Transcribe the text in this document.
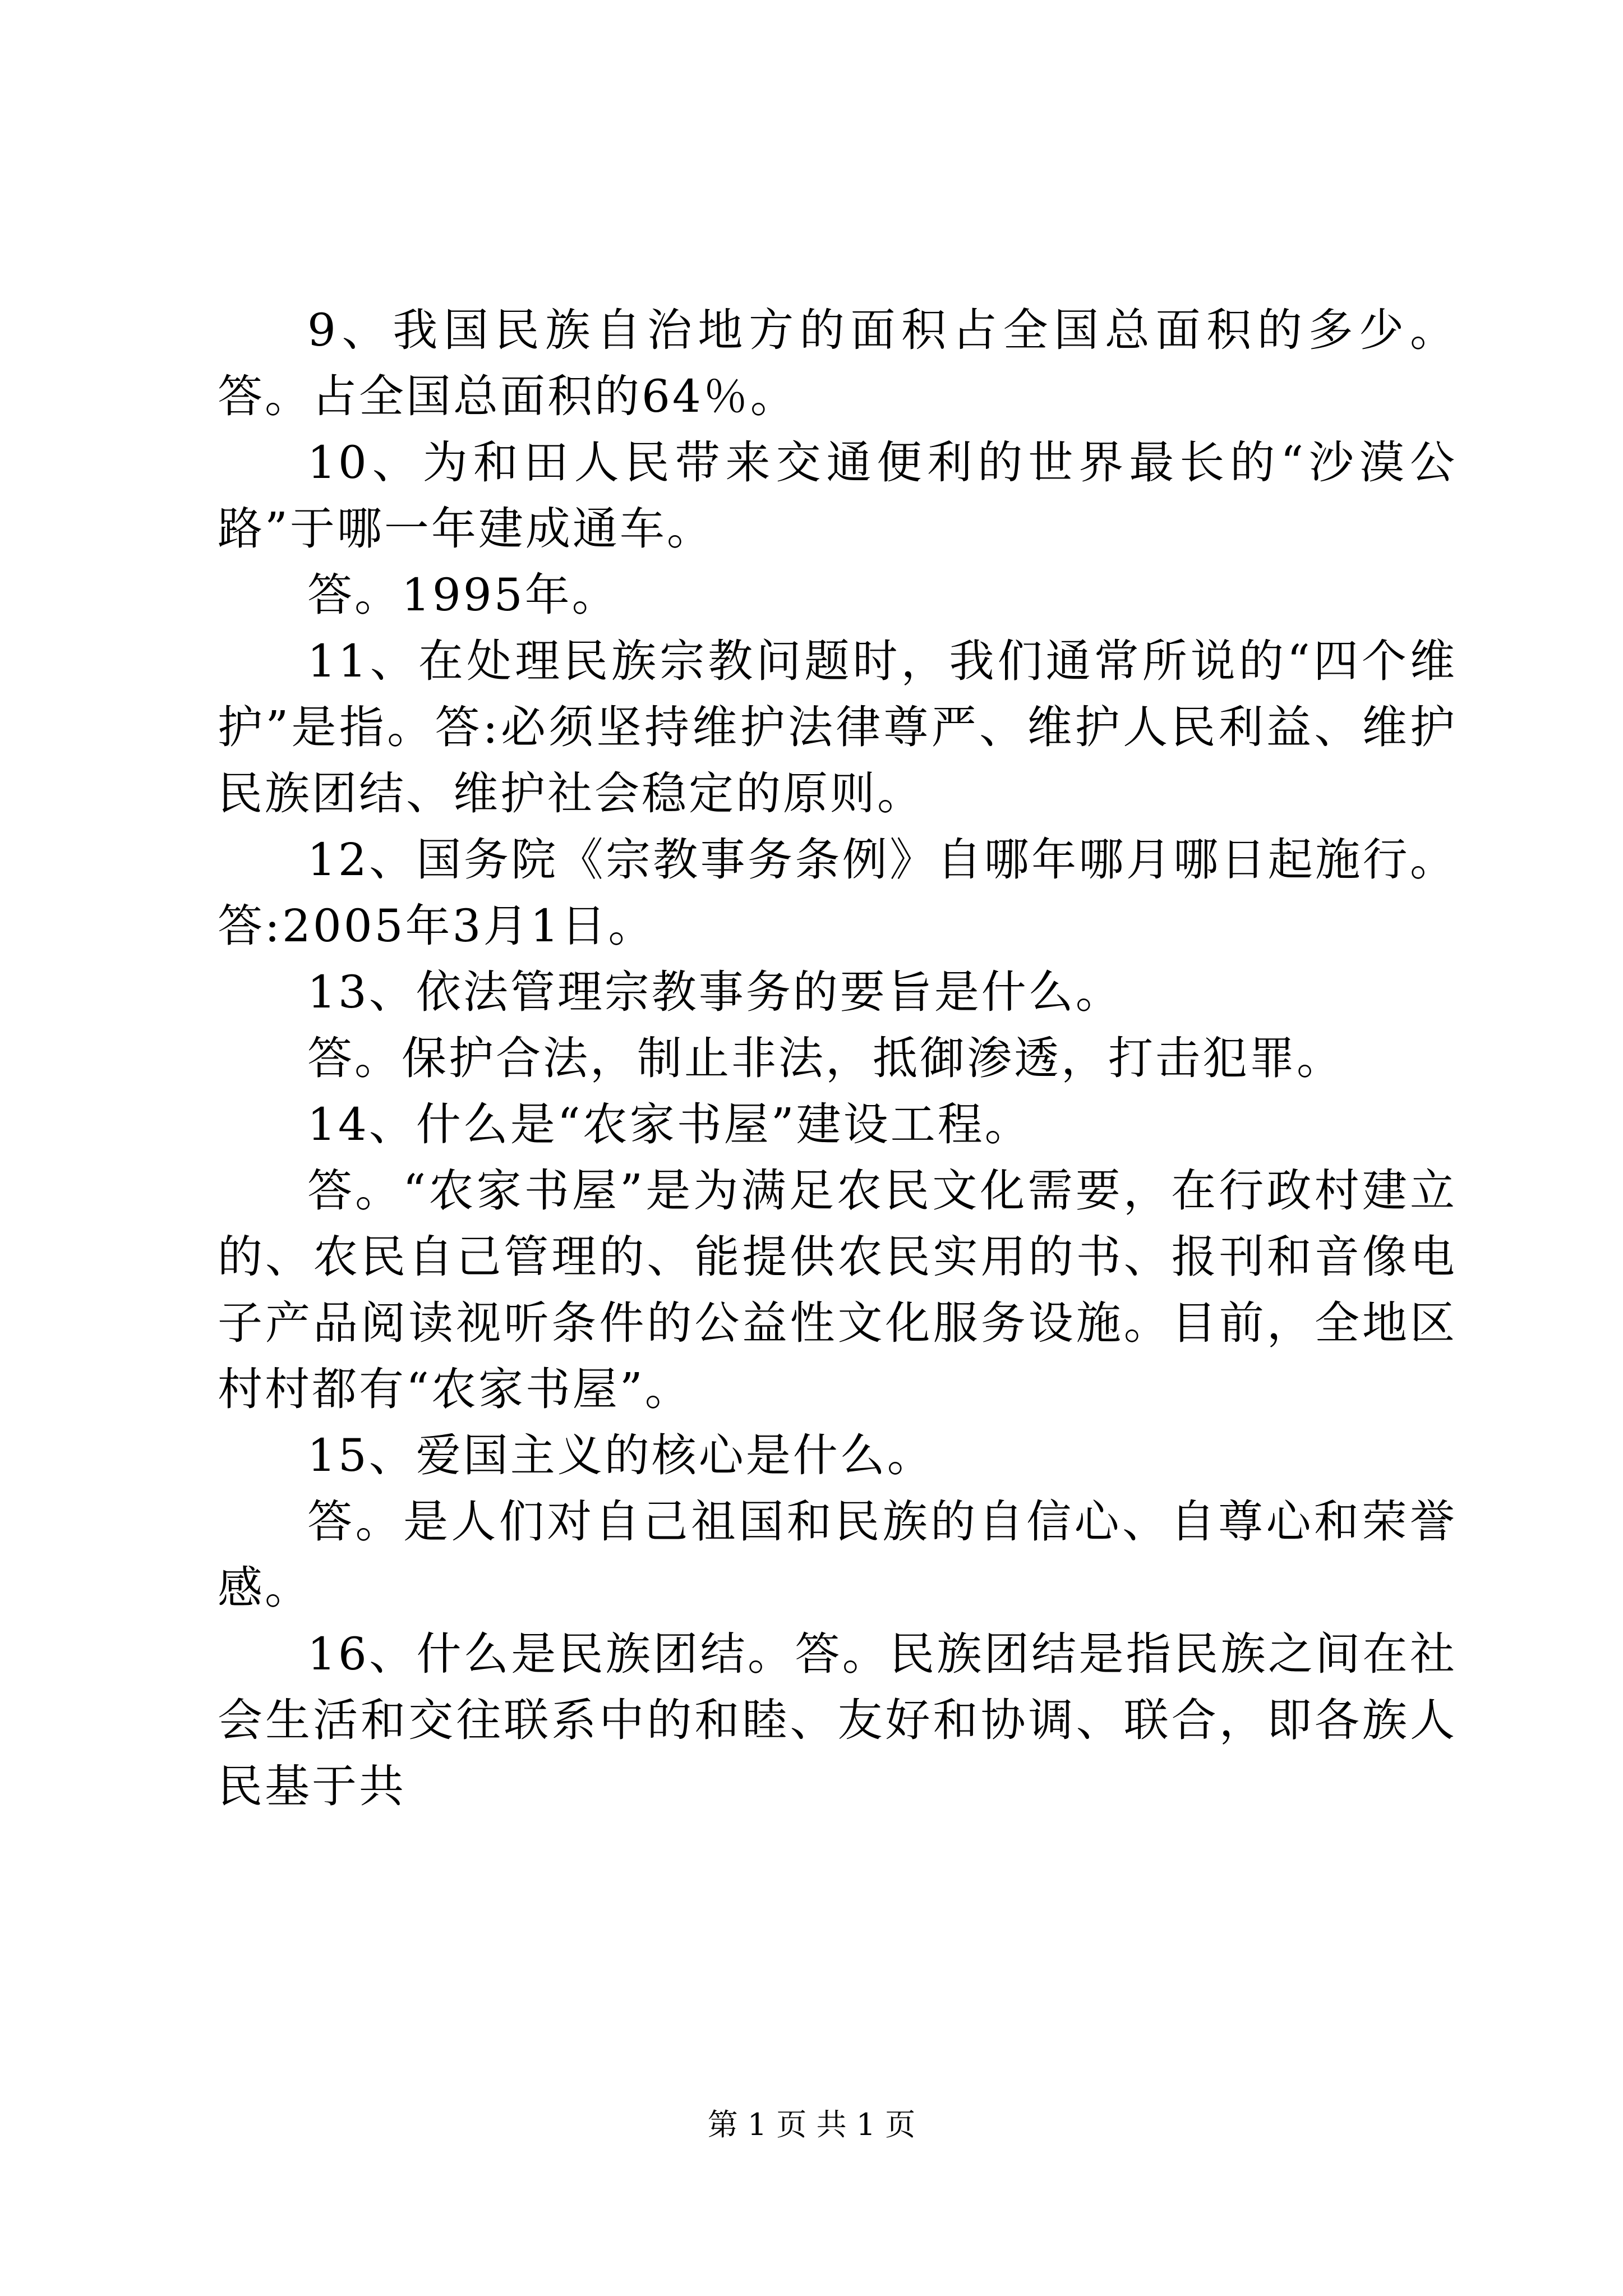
9、我国民族自治地方的面积占全国总面积的多少。答。占全国总面积的64％。

10、为和田人民带来交通便利的世界最长的“沙漠公路”于哪一年建成通车。

答。1995年。

11、在处理民族宗教问题时，我们通常所说的“四个维护”是指。答:必须坚持维护法律尊严、维护人民利益、维护民族团结、维护社会稳定的原则。

12、国务院《宗教事务条例》自哪年哪月哪日起施行。答:2005年3月1日。

13、依法管理宗教事务的要旨是什么。

答。保护合法，制止非法，抵御渗透，打击犯罪。

14、什么是“农家书屋”建设工程。

答。“农家书屋”是为满足农民文化需要，在行政村建立的、农民自己管理的、能提供农民实用的书、报刊和音像电子产品阅读视听条件的公益性文化服务设施。目前，全地区村村都有“农家书屋”。

15、爱国主义的核心是什么。

答。是人们对自己祖国和民族的自信心、自尊心和荣誉感。

16、什么是民族团结。答。民族团结是指民族之间在社会生活和交往联系中的和睦、友好和协调、联合，即各族人民基于共

第 1 页 共 1 页
